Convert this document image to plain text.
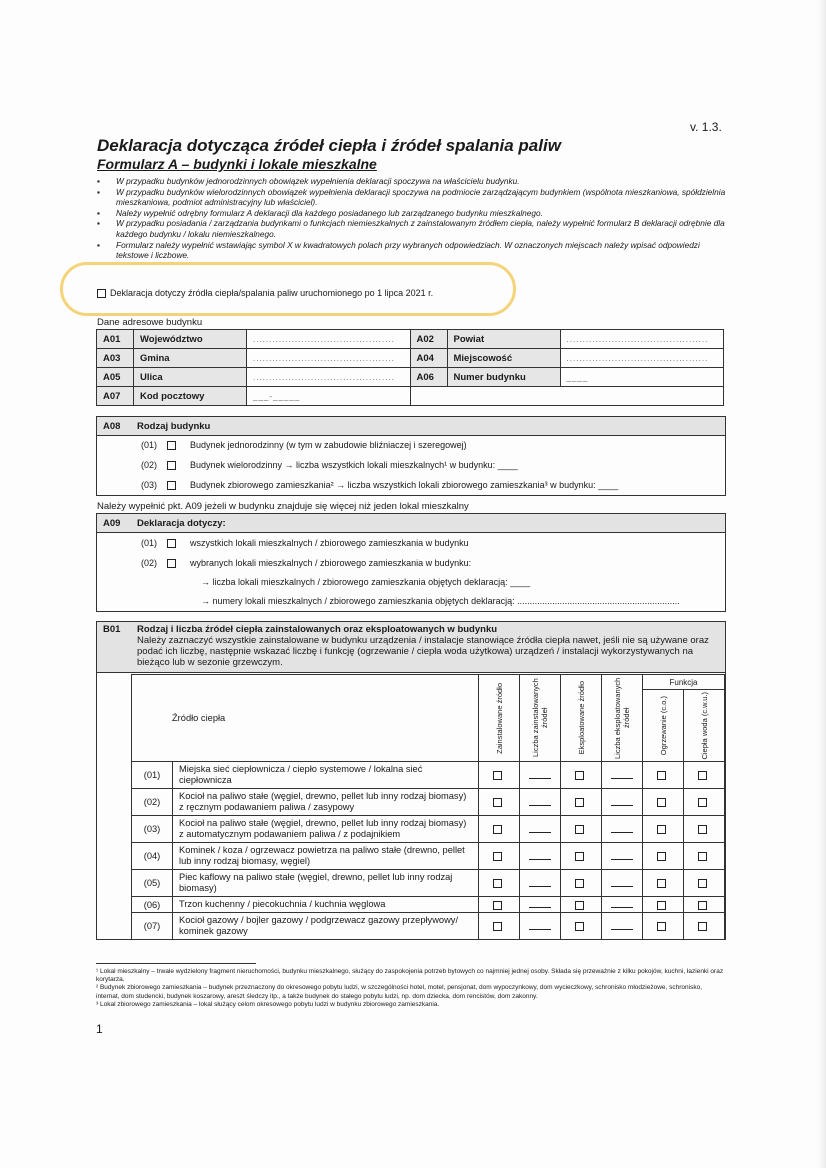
v. 1.3.
Deklaracja dotycząca źródeł ciepła i źródeł spalania paliw
Formularz A – budynki i lokale mieszkalne
▪ W przypadku budynków jednorodzinnych obowiązek wypełnienia deklaracji spoczywa na właścicielu budynku.
▪ W przypadku budynków wielorodzinnych obowiązek wypełnienia deklaracji spoczywa na podmiocie zarządzającym budynkiem (wspólnota mieszkaniowa, spółdzielnia mieszkaniowa, podmiot administracyjny lub właściciel).
▪ Należy wypełnić odrębny formularz A deklaracji dla każdego posiadanego lub zarządzanego budynku mieszkalnego.
▪ W przypadku posiadania / zarządzania budynkami o funkcjach niemieszkalnych z zainstalowanym źródłem ciepła, należy wypełnić formularz B deklaracji odrębnie dla każdego budynku / lokalu niemieszkalnego.
▪ Formularz należy wypełnić wstawiając symbol X w kwadratowych polach przy wybranych odpowiedziach. W oznaczonych miejscach należy wpisać odpowiedzi tekstowe i liczbowe.
Deklaracja dotyczy źródła ciepła/spalania paliw uruchomionego po 1 lipca 2021 r.
Dane adresowe budynku
A01	Województwo	............................................	A02	Powiat	............................................
A03	Gmina	............................................	A04	Miejscowość	............................................
A05	Ulica	............................................	A06	Numer budynku	____
A07	Kod pocztowy	___-_____			
A08	Rodzaj budynku
(01)	Budynek jednorodzinny (w tym w zabudowie bliźniaczej i szeregowej)
(02)	Budynek wielorodzinny → liczba wszystkich lokali mieszkalnych¹ w budynku: ____
(03)	Budynek zbiorowego zamieszkania² → liczba wszystkich lokali zbiorowego zamieszkania³ w budynku: ____
Należy wypełnić pkt. A09 jeżeli w budynku znajduje się więcej niż jeden lokal mieszkalny
A09	Deklaracja dotyczy:
(01)	wszystkich lokali mieszkalnych / zbiorowego zamieszkania w budynku
(02)	wybranych lokali mieszkalnych / zbiorowego zamieszkania w budynku:
→ liczba lokali mieszkalnych / zbiorowego zamieszkania objętych deklaracją: ____
→ numery lokali mieszkalnych / zbiorowego zamieszkania objętych deklaracją: .................................................................
B01	Rodzaj i liczba źródeł ciepła zainstalowanych oraz eksploatowanych w budynku
Należy zaznaczyć wszystkie zainstalowane w budynku urządzenia / instalacje stanowiące źródła ciepła nawet, jeśli nie są używane oraz podać ich liczbę, następnie wskazać liczbę i funkcję (ogrzewanie / ciepła woda użytkowa) urządzeń / instalacji wykorzystywanych na bieżąco lub w sezonie grzewczym.
Źródło ciepła		Zainstalowane źródło	Liczba zainstalowanych źródeł	Eksploatowane źródło	Liczba eksploatowanych źródeł	Funkcja	

						Ogrzewanie (c.o.)	Ciepła woda (c.w.u.)

(01)	Miejska sieć ciepłownicza / ciepło systemowe / lokalna sieć ciepłownicza						
(02)	Kocioł na paliwo stałe (węgiel, drewno, pellet lub inny rodzaj biomasy) z ręcznym podawaniem paliwa / zasypowy						
(03)	Kocioł na paliwo stałe (węgiel, drewno, pellet lub inny rodzaj biomasy) z automatycznym podawaniem paliwa / z podajnikiem						
(04)	Kominek / koza / ogrzewacz powietrza na paliwo stałe (drewno, pellet lub inny rodzaj biomasy, węgiel)						
(05)	Piec kaflowy na paliwo stałe (węgiel, drewno, pellet lub inny rodzaj biomasy)						
(06)	Trzon kuchenny / piecokuchnia / kuchnia węglowa						
(07)	Kocioł gazowy / bojler gazowy / podgrzewacz gazowy przepływowy/ kominek gazowy						
¹ Lokal mieszkalny – trwale wydzielony fragment nieruchomości, budynku mieszkalnego, służący do zaspokojenia potrzeb bytowych co najmniej jednej osoby. Składa się przeważnie z kilku pokojów, kuchni, łazienki oraz korytarza.
² Budynek zbiorowego zamieszkania – budynek przeznaczony do okresowego pobytu ludzi, w szczególności hotel, motel, pensjonat, dom wypoczynkowy, dom wycieczkowy, schronisko młodzieżowe, schronisko, internat, dom studencki, budynek koszarowy, areszt śledczy itp., a także budynek do stałego pobytu ludzi, np. dom dziecka, dom rencistów, dom zakonny.
³ Lokal zbiorowego zamieszkania – lokal służący celom okresowego pobytu ludzi w budynku zbiorowego zamieszkania.
1
